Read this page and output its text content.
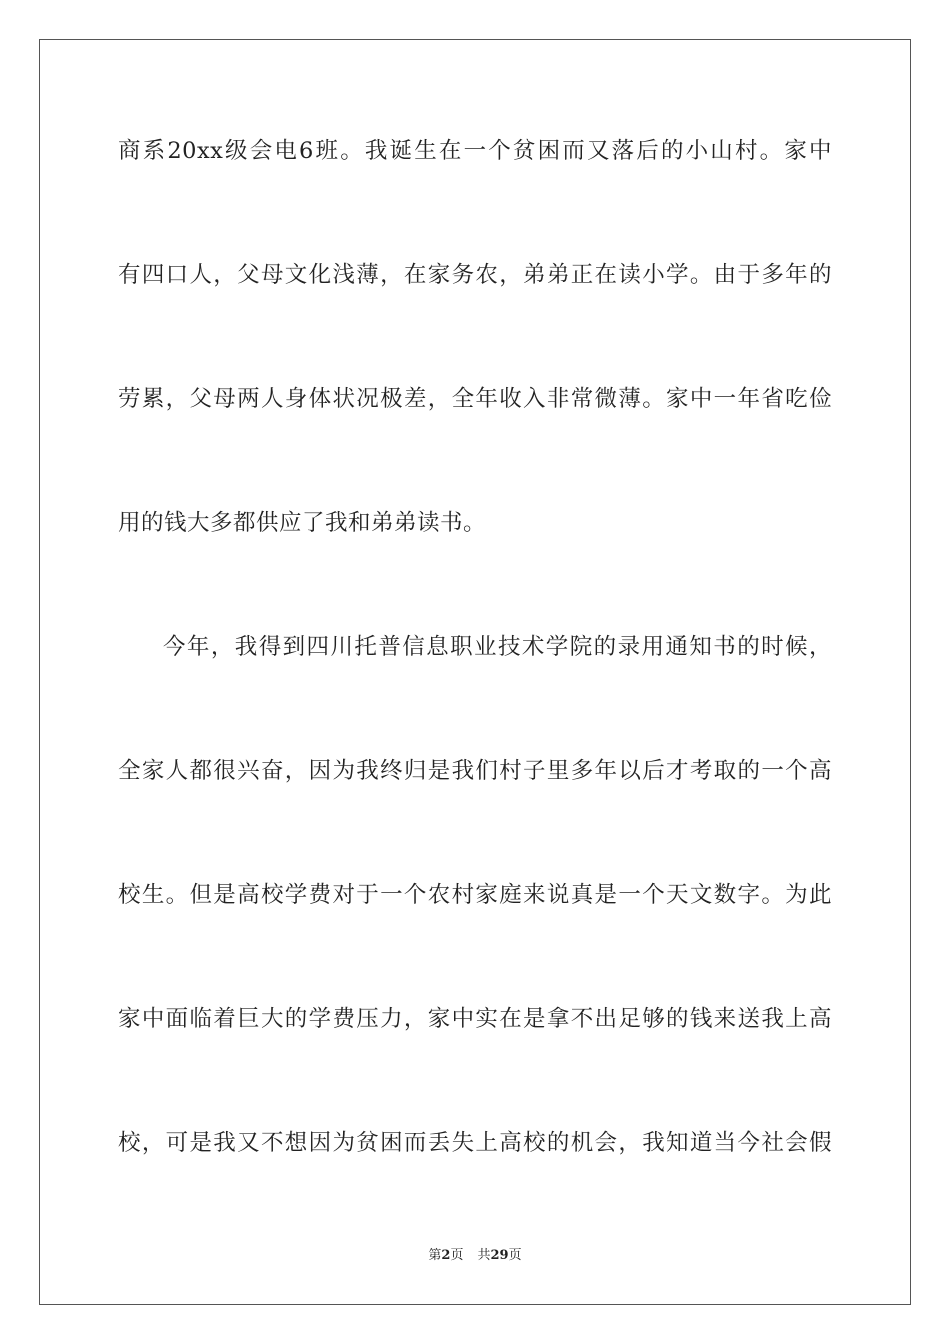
商系20xx级会电6班。我诞生在一个贫困而又落后的小山村。家中
有四口人，父母文化浅薄，在家务农，弟弟正在读小学。由于多年的
劳累，父母两人身体状况极差，全年收入非常微薄。家中一年省吃俭
用的钱大多都供应了我和弟弟读书。
今年，我得到四川托普信息职业技术学院的录用通知书的时候，
全家人都很兴奋，因为我终归是我们村子里多年以后才考取的一个高
校生。但是高校学费对于一个农村家庭来说真是一个天文数字。为此
家中面临着巨大的学费压力，家中实在是拿不出足够的钱来送我上高
校，可是我又不想因为贫困而丢失上高校的机会，我知道当今社会假
第2页 共29页
